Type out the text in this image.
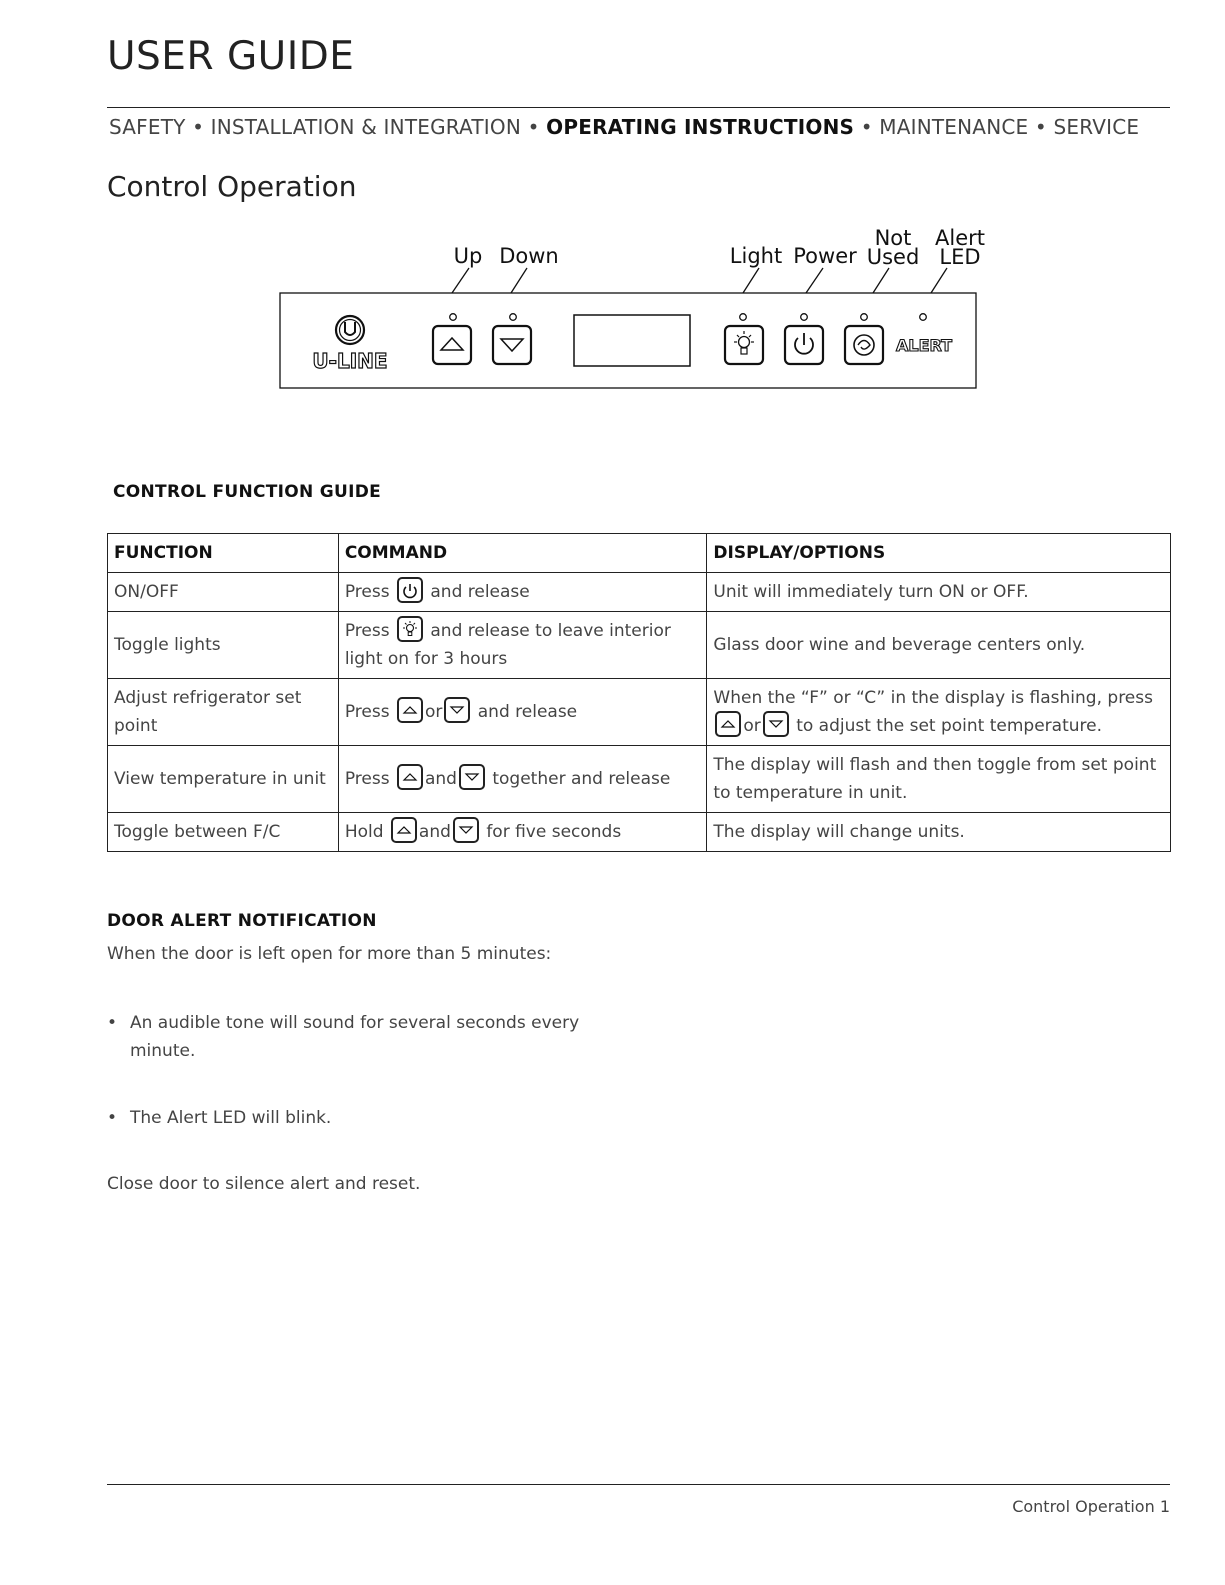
USER GUIDE
SAFETY • INSTALLATION & INTEGRATION • OPERATING INSTRUCTIONS • MAINTENANCE • SERVICE
Control Operation
Up Down	Light Power
Not
Used
Alert
LED
U-LINE
ALERT
CONTROL FUNCTION GUIDE
FUNCTION	COMMAND	DISPLAY/OPTIONS
ON/OFF	Press and release	Unit will immediately turn ON or OFF.
Toggle lights	Press and release to leave interior light on for 3 hours	Glass door wine and beverage centers only.
Adjust refrigerator set point	Press or and release	When the “F” or “C” in the display is flashing, press

or to adjust the set point temperature.
View temperature in unit	Press and together and release	The display will flash and then toggle from set point to temperature in unit.
Toggle between F/C	Hold and for five seconds	The display will change units.
DOOR ALERT NOTIFICATION
When the door is left open for more than 5 minutes:
• An audible tone will sound for several seconds every minute.
• The Alert LED will blink.
Close door to silence alert and reset.
Control Operation 1
